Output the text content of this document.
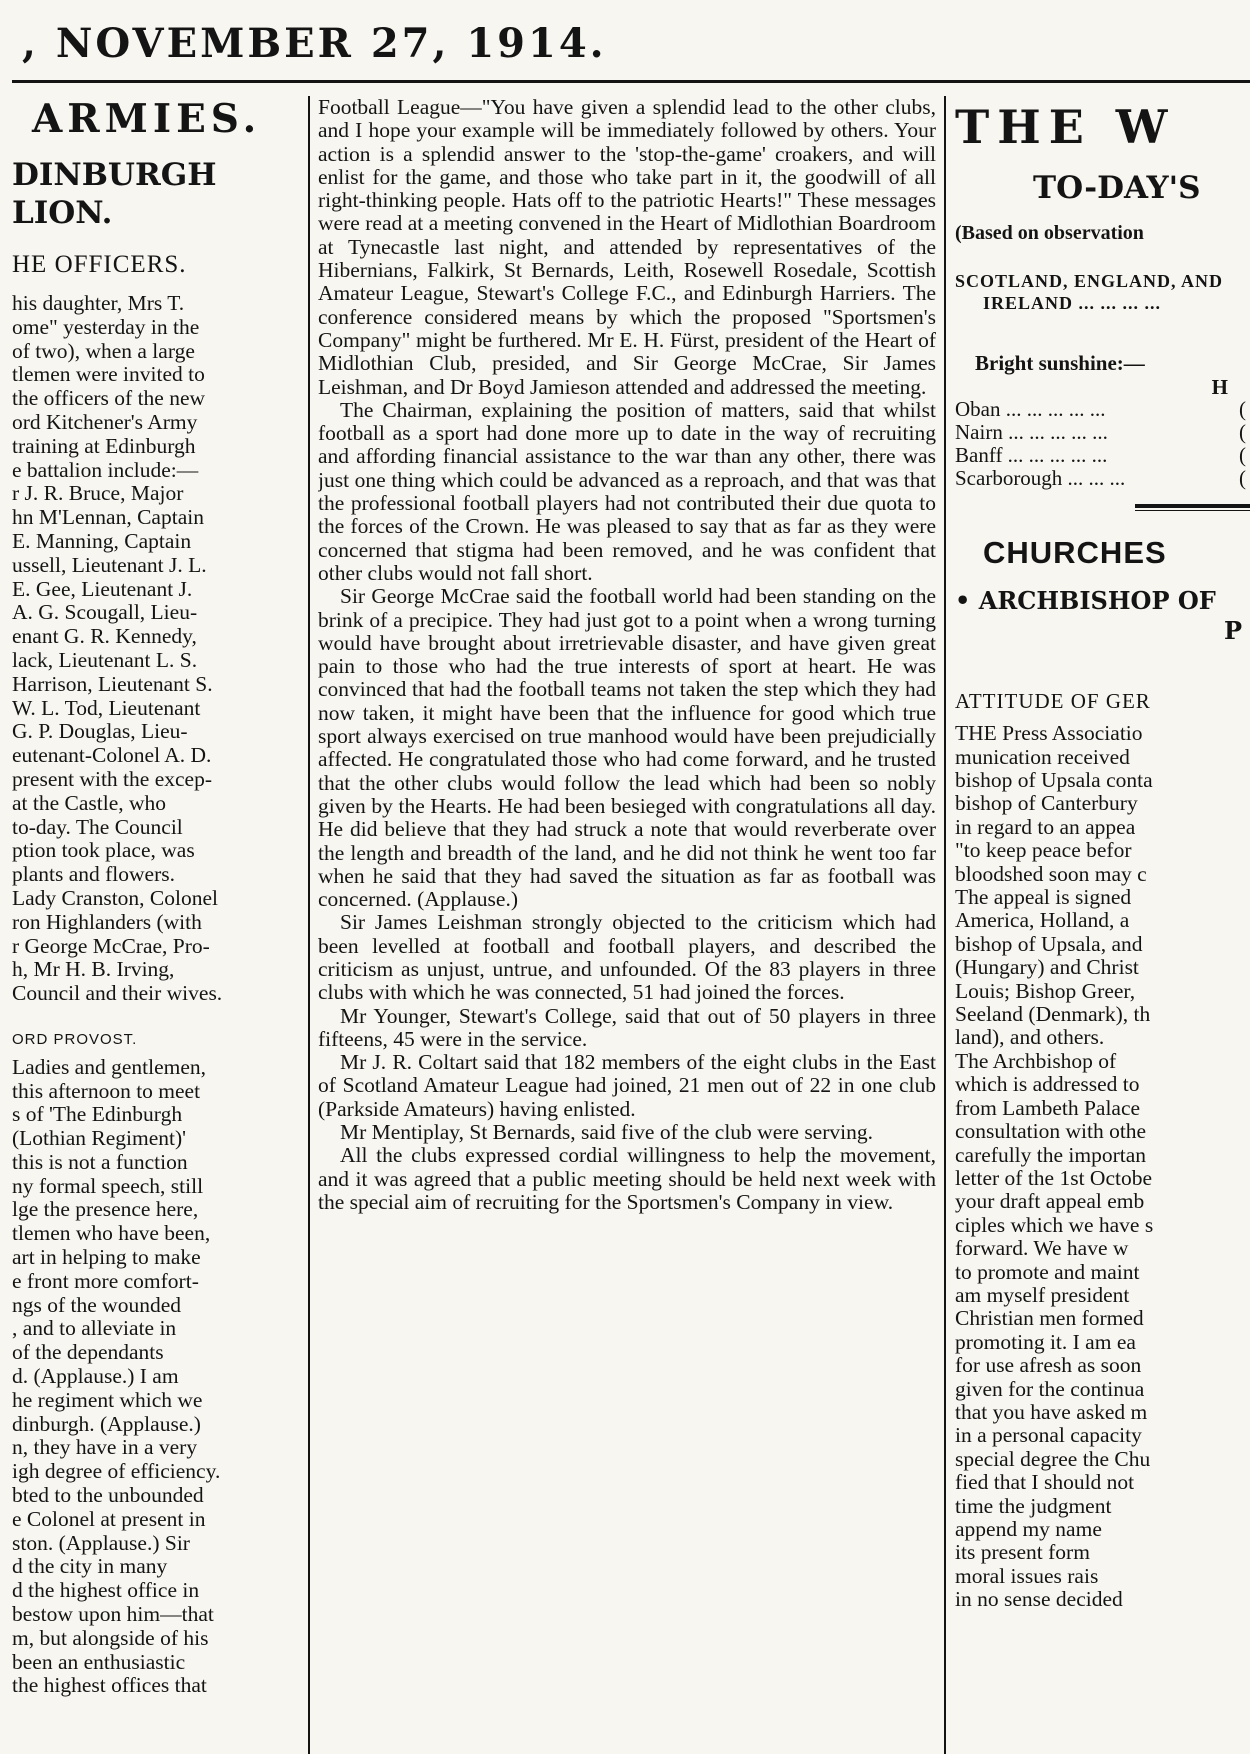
, NOVEMBER 27, 1914.
ARMIES.
DINBURGH
LION.
HE OFFICERS.
his daughter, Mrs T.
ome" yesterday in the
of two), when a large
tlemen were invited to
the officers of the new
ord Kitchener's Army
training at Edinburgh
e battalion include:—
r J. R. Bruce, Major
hn M'Lennan, Captain
E. Manning, Captain
ussell, Lieutenant J. L.
E. Gee, Lieutenant J.
A. G. Scougall, Lieu-
enant G. R. Kennedy,
lack, Lieutenant L. S.
Harrison, Lieutenant S.
W. L. Tod, Lieutenant
G. P. Douglas, Lieu-
eutenant-Colonel A. D.
present with the excep-
at the Castle, who
to-day. The Council
ption took place, was
plants and flowers.
Lady Cranston, Colonel
ron Highlanders (with
r George McCrae, Pro-
h, Mr H. B. Irving,
Council and their wives.
ORD PROVOST.
Ladies and gentlemen,
this afternoon to meet
s of 'The Edinburgh
(Lothian Regiment)'
this is not a function
ny formal speech, still
lge the presence here,
tlemen who have been,
art in helping to make
e front more comfort-
ngs of the wounded
, and to alleviate in
of the dependants
d. (Applause.) I am
he regiment which we
dinburgh. (Applause.)
n, they have in a very
igh degree of efficiency.
bted to the unbounded
e Colonel at present in
ston. (Applause.) Sir
d the city in many
d the highest office in
bestow upon him—that
m, but alongside of his
been an enthusiastic
the highest offices that

Football League—"You have given a splendid lead to the other clubs, and I hope your example will be immediately followed by others. Your action is a splendid answer to the 'stop-the-game' croakers, and will enlist for the game, and those who take part in it, the goodwill of all right-thinking people. Hats off to the patriotic Hearts!" These messages were read at a meeting convened in the Heart of Midlothian Boardroom at Tynecastle last night, and attended by representatives of the Hibernians, Falkirk, St Bernards, Leith, Rosewell Rosedale, Scottish Amateur League, Stewart's College F.C., and Edinburgh Harriers. The conference considered means by which the proposed "Sportsmen's Company" might be furthered. Mr E. H. Fürst, president of the Heart of Midlothian Club, presided, and Sir George McCrae, Sir James Leishman, and Dr Boyd Jamieson attended and addressed the meeting.

The Chairman, explaining the position of matters, said that whilst football as a sport had done more up to date in the way of recruiting and affording financial assistance to the war than any other, there was just one thing which could be advanced as a reproach, and that was that the professional football players had not contributed their due quota to the forces of the Crown. He was pleased to say that as far as they were concerned that stigma had been removed, and he was confident that other clubs would not fall short.

Sir George McCrae said the football world had been standing on the brink of a precipice. They had just got to a point when a wrong turning would have brought about irretrievable disaster, and have given great pain to those who had the true interests of sport at heart. He was convinced that had the football teams not taken the step which they had now taken, it might have been that the influence for good which true sport always exercised on true manhood would have been prejudicially affected. He congratulated those who had come forward, and he trusted that the other clubs would follow the lead which had been so nobly given by the Hearts. He had been besieged with congratulations all day. He did believe that they had struck a note that would reverberate over the length and breadth of the land, and he did not think he went too far when he said that they had saved the situation as far as football was concerned. (Applause.)

Sir James Leishman strongly objected to the criticism which had been levelled at football and football players, and described the criticism as unjust, untrue, and unfounded. Of the 83 players in three clubs with which he was connected, 51 had joined the forces.

Mr Younger, Stewart's College, said that out of 50 players in three fifteens, 45 were in the service.

Mr J. R. Coltart said that 182 members of the eight clubs in the East of Scotland Amateur League had joined, 21 men out of 22 in one club (Parkside Amateurs) having enlisted.

Mr Mentiplay, St Bernards, said five of the club were serving.

All the clubs expressed cordial willingness to help the movement, and it was agreed that a public meeting should be held next week with the special aim of recruiting for the Sportsmen's Company in view.

THE W
TO-DAY'S
(Based on observation
SCOTLAND, ENGLAND, AND
IRELAND ... ... ... ...
Bright sunshine:—
H
Oban ... ... ... ... ...	(
Nairn ... ... ... ... ...	(
Banff ... ... ... ... ...	(
Scarborough ... ... ...	(
CHURCHES
• ARCHBISHOP OF
P
ATTITUDE OF GER
THE Press Associatio
munication received
bishop of Upsala conta
bishop of Canterbury
in regard to an appea
"to keep peace befor
bloodshed soon may c
The appeal is signed
America, Holland, a
bishop of Upsala, and
(Hungary) and Christ
Louis; Bishop Greer,
Seeland (Denmark), th
land), and others.
The Archbishop of
which is addressed to
from Lambeth Palace
consultation with othe
carefully the importan
letter of the 1st Octobe
your draft appeal emb
ciples which we have s
forward. We have w
to promote and maint
am myself president
Christian men formed
promoting it. I am ea
for use afresh as soon
given for the continua
that you have asked m
in a personal capacity
special degree the Chu
fied that I should not
time the judgment
append my name
its present form
moral issues rais
in no sense decided
